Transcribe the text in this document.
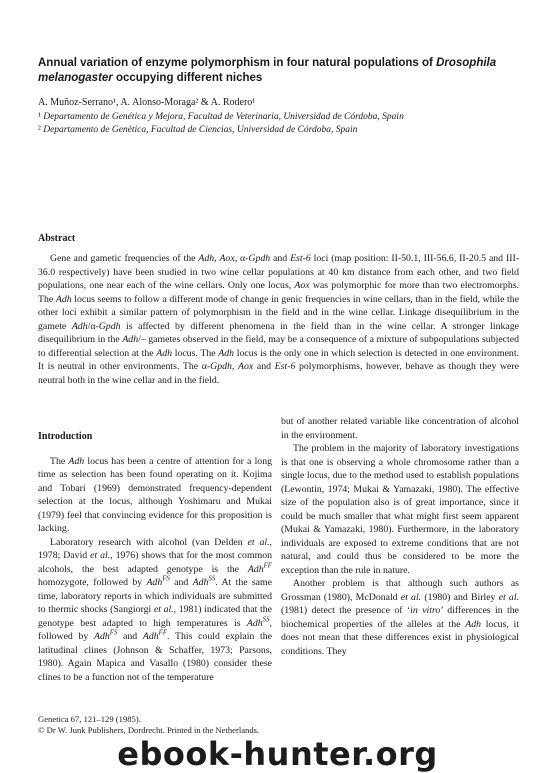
Annual variation of enzyme polymorphism in four natural populations of Drosophila melanogaster occupying different niches
A. Muñoz-Serrano¹, A. Alonso-Moraga² & A. Rodero¹
¹ Departamento de Genética y Mejora, Facultad de Veterinaria, Universidad de Córdoba, Spain
² Departamento de Genètica, Facultad de Ciencias, Universidad de Córdoba, Spain
Abstract

Gene and gametic frequencies of the Adh, Aox, α-Gpdh and Est-6 loci (map position: II-50.1, III-56.6, II-20.5 and III-36.0 respectively) have been studied in two wine cellar populations at 40 km distance from each other, and two field populations, one near each of the wine cellars. Only one locus, Aox was polymorphic for more than two electromorphs. The Adh locus seems to follow a different mode of change in genic frequencies in wine cellars, than in the field, while the other loci exhibit a similar pattern of polymorphism in the field and in the wine cellar. Linkage disequilibrium in the gamete Adh/α-Gpdh is affected by different phenomena in the field than in the wine cellar. A stronger linkage disequilibrium in the Adh/– gametes observed in the field, may be a consequence of a mixture of subpopulations subjected to differential selection at the Adh locus. The Adh locus is the only one in which selection is detected in one environment. It is neutral in other environments. The α-Gpdh, Aox and Est-6 polymorphisms, however, behave as though they were neutral both in the wine cellar and in the field.

Introduction

The Adh locus has been a centre of attention for a long time as selection has been found operating on it. Kojima and Tobari (1969) demonstrated frequency-dependent selection at the locus, although Yoshimaru and Mukai (1979) feel that convincing evidence for this proposition is lacking.

Laboratory research with alcohol (van Delden et al., 1978; David et al., 1976) shows that for the most common alcohols, the best adapted genotype is the Adh$^{FF}$ homozygote, followed by Adh$^{FS}$ and Adh$^{SS}$. At the same time, laboratory reports in which individuals are submitted to thermic shocks (Sangiorgi et al., 1981) indicated that the genotype best adapted to high temperatures is Adh$^{SS}$, followed by Adh$^{FS}$ and Adh$^{FF}$. This could explain the latitudinal clines (Johnson & Schaffer, 1973; Parsons, 1980). Again Mapica and Vasallo (1980) consider these clines to be a function not of the temperature

but of another related variable like concentration of alcohol in the environment.

The problem in the majority of laboratory investigations is that one is observing a whole chromosome rather than a single locus, due to the method used to establish populations (Lewontin, 1974; Mukai & Yamazaki, 1980). The effective size of the population also is of great importance, since it could be much smaller that what might first seem apparent (Mukai & Yamazaki, 1980). Furthermore, in the laboratory individuals are exposed to extreme conditions that are not natural, and could thus be considered to be more the exception than the rule in nature.

Another problem is that although such authors as Grossman (1980), McDonald et al. (1980) and Birley et al. (1981) detect the presence of ‘in vitro’ differences in the biochemical properties of the alleles at the Adh locus, it does not mean that these differences exist in physiological conditions. They

Genetica 67, 121–129 (1985).
© Dr W. Junk Publishers, Dordrecht. Printed in the Netherlands.
ebook-hunter.org
